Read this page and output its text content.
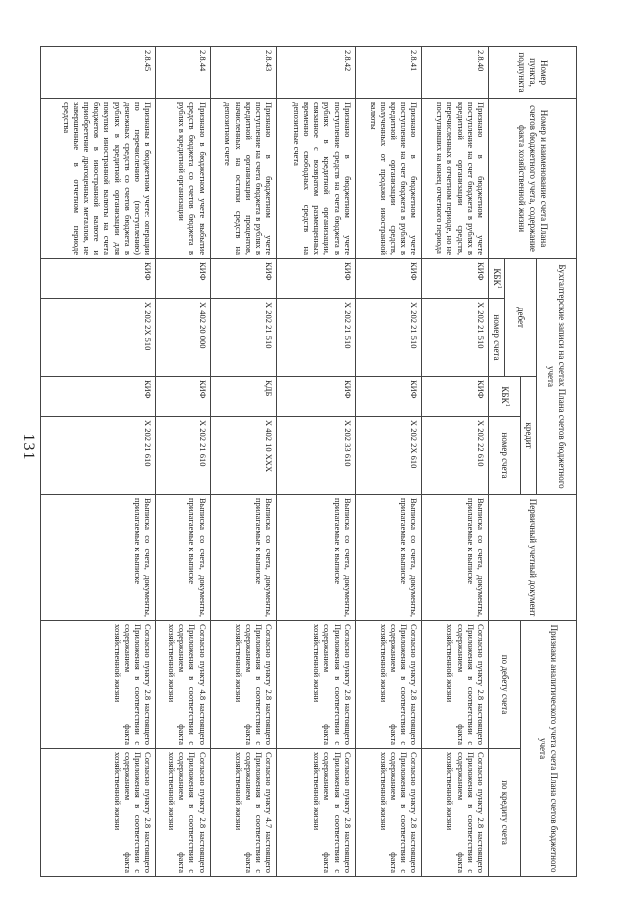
131
Номер пункта, подпункта	Номер и наименование счета Плана счетов бюджетного учета, содержание факта хозяйственной жизни	Бухгалтерские записи на счетах Плана счетов бюджетного учета				Первичный учетный документ	Признаки аналитического учета счета Плана счетов бюджетного учета	
		дебет		кредит				
				КБК$^1$	номер счета		по дебету счета	по кредиту счета
		КБК$^1$	номер счета					
2.8.40	Признано в бюджетном учете поступление на счет бюджета в рублях в кредитной организации средств, перечисленных в отчетном периоде, но не поступивших на конец отчетного периода	КИФ	X 202 21 510	КИФ	X 202 22 610	Выписка со счета, документы, прилагаемые к выписке	Согласно пункту 2.8 настоящего Приложения в соответствии с содержанием факта хозяйственной жизни	Согласно пункту 2.8 настоящего Приложения в соответствии с содержанием факта хозяйственной жизни
2.8.41	Признано в бюджетном учете поступление на счет бюджета в рублях в кредитной организации средств, полученных от продажи иностранной валюты	КИФ	X 202 21 510	КИФ	X 202 2X 610	Выписка со счета, документы, прилагаемые к выписке	Согласно пункту 2.8 настоящего Приложения в соответствии с содержанием факта хозяйственной жизни	Согласно пункту 2.8 настоящего Приложения в соответствии с содержанием факта хозяйственной жизни
2.8.42	Признано в бюджетном учете поступление средств на счета бюджета в рублях в кредитной организации, связанное с возвратом размещенных временно свободных средств на депозитные счета	КИФ	X 202 21 510	КИФ	X 202 33 610	Выписка со счета, документы, прилагаемые к выписке	Согласно пункту 2.8 настоящего Приложения в соответствии с содержанием факта хозяйственной жизни	Согласно пункту 2.8 настоящего Приложения в соответствии с содержанием факта хозяйственной жизни
2.8.43	Признано в бюджетном учете поступление на счета бюджета в рублях в кредитной организации процентов, начисленных на остатки средств на депозитном счете	КИФ	X 202 21 510	КДБ	X 402 10 XXX	Выписка со счета, документы, прилагаемые к выписке	Согласно пункту 2.8 настоящего Приложения в соответствии с содержанием факта хозяйственной жизни	Согласно пункту 4.7 настоящего Приложения в соответствии с содержанием факта хозяйственной жизни
2.8.44	Признано в бюджетном учете выбытие средств бюджета со счетов бюджета в рублях в кредитной организации	КИФ	X 402 20 000	КИФ	X 202 21 610	Выписка со счета, документы, прилагаемые к выписке	Согласно пункту 4.8 настоящего Приложения в соответствии с содержанием факта хозяйственной жизни	Согласно пункту 2.8 настоящего Приложения в соответствии с содержанием факта хозяйственной жизни
2.8.45	Признаны в бюджетном учете: операции по перечислению (поступлению) денежных средств со счетов бюджета в рублях в кредитной организации для покупки иностранной валюты на счета бюджетов в иностранной валюте и приобретение драгоценных металлов, не завершенные в отчетном периоде средства	КИФ	X 202 2X 510	КИФ	X 202 21 610	Выписка со счета, документы, прилагаемые к выписке	Согласно пункту 2.8 настоящего Приложения в соответствии с содержанием факта хозяйственной жизни	Согласно пункту 2.8 настоящего Приложения в соответствии с содержанием факта хозяйственной жизни
